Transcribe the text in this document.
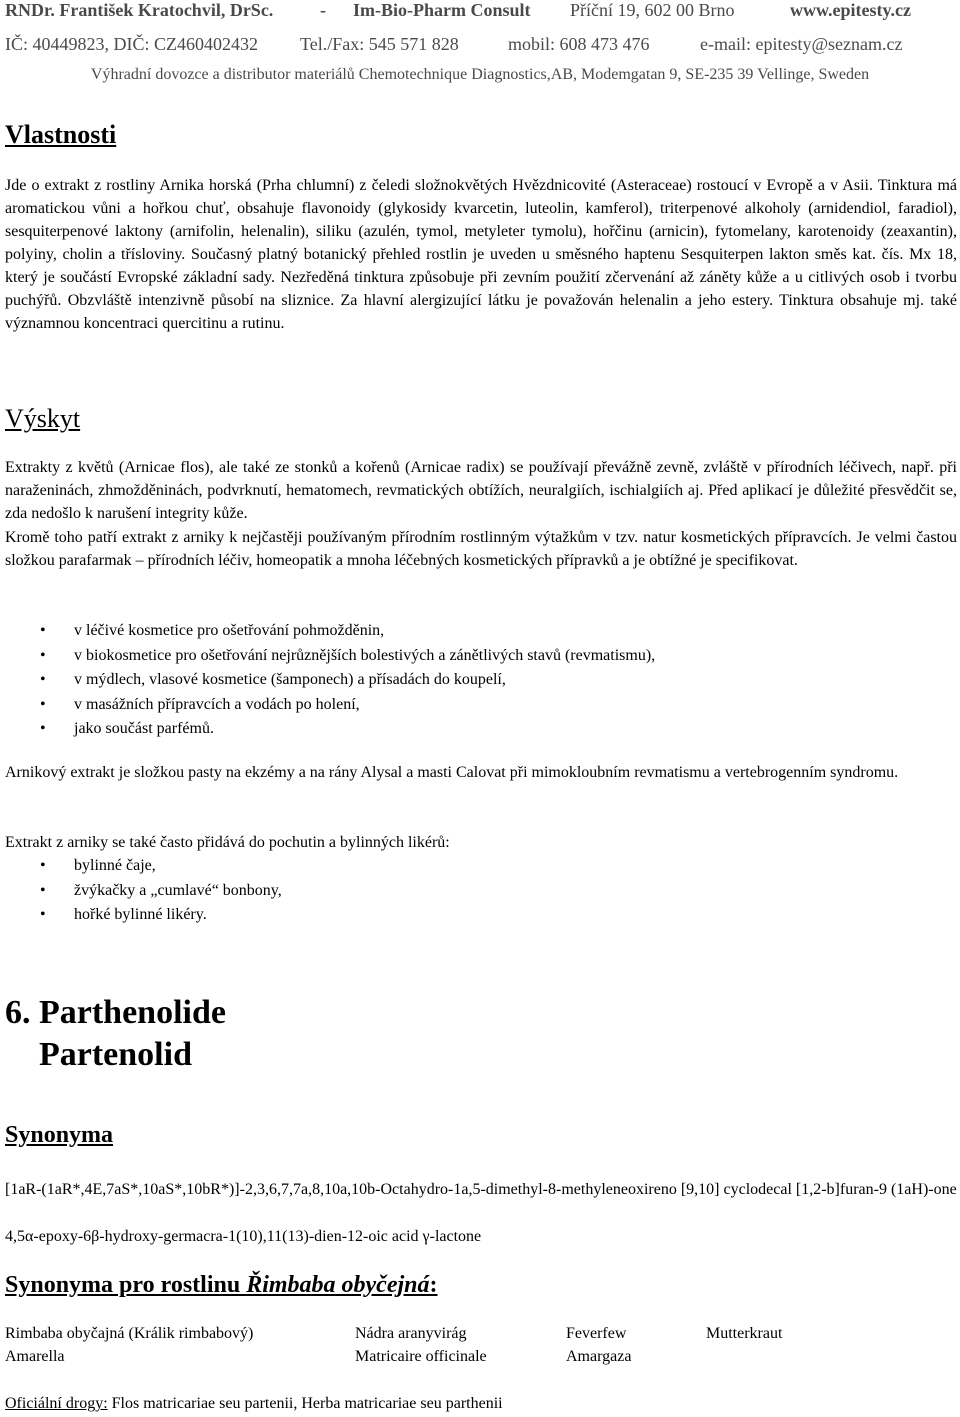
RNDr. František Kratochvil, DrSc.	- Im-Bio-Pharm Consult Příční 19, 602 00 Brno	www.epitesty.cz
IČ: 40449823, DIČ: CZ460402432 Tel./Fax: 545 571 828	mobil: 608 473 476	e-mail: epitesty@seznam.cz
Výhradní dovozce a distributor materiálů Chemotechnique Diagnostics,AB, Modemgatan 9, SE-235 39 Vellinge, Sweden
Vlastnosti

Jde o extrakt z rostliny Arnika horská (Prha chlumní) z čeledi složnokvětých Hvězdnicovité (Asteraceae) rostoucí v Evropě a v Asii. Tinktura má aromatickou vůni a hořkou chuť, obsahuje flavonoidy (glykosidy kvarcetin, luteolin, kamferol), triterpenové alkoholy (arnidendiol, faradiol), sesquiterpenové laktony (arnifolin, helenalin), siliku (azulén, tymol, metyleter tymolu), hořčinu (arnicin), fytomelany, karotenoidy (zeaxantin), polyiny, cholin a třísloviny. Současný platný botanický přehled rostlin je uveden u směsného haptenu Sesquiterpen lakton směs kat. čís. Mx 18, který je součástí Evropské základní sady. Nezředěná tinktura způsobuje při zevním použití zčervenání až záněty kůže a u citlivých osob i tvorbu puchýřů. Obzvláště intenzivně působí na sliznice. Za hlavní alergizující látku je považován helenalin a jeho estery. Tinktura obsahuje mj. také významnou koncentraci quercitinu a rutinu.

Výskyt

Extrakty z květů (Arnicae flos), ale také ze stonků a kořenů (Arnicae radix) se používají převážně zevně, zvláště v přírodních léčivech, např. při naraženinách, zhmožděninách, podvrknutí, hematomech, revmatických obtížích, neuralgiích, ischialgiích aj. Před aplikací je důležité přesvědčit se, zda nedošlo k narušení integrity kůže.

Kromě toho patří extrakt z arniky k nejčastěji používaným přírodním rostlinným výtažkům v tzv. natur kosmetických přípravcích. Je velmi častou složkou parafarmak – přírodních léčiv, homeopatik a mnoha léčebných kosmetických přípravků a je obtížné je specifikovat.

• v léčivé kosmetice pro ošetřování pohmožděnin,
• v biokosmetice pro ošetřování nejrůznějších bolestivých a zánětlivých stavů (revmatismu),
• v mýdlech, vlasové kosmetice (šamponech) a přísadách do koupelí,
• v masážních přípravcích a vodách po holení,
• jako součást parfémů.

Arnikový extrakt je složkou pasty na ekzémy a na rány Alysal a masti Calovat při mimokloubním revmatismu a vertebrogenním syndromu.

Extrakt z arniky se také často přidává do pochutin a bylinných likérů:

• bylinné čaje,
• žvýkačky a „cumlavé“ bonbony,
• hořké bylinné likéry.
6. Parthenolide
Partenolid
Synonyma

[1aR-(1aR*,4E,7aS*,10aS*,10bR*)]-2,3,6,7,7a,8,10a,10b-Octahydro-1a,5-dimethyl-8-methyleneoxireno [9,10] cyclodecal [1,2-b]furan-9 (1aH)-one

4,5α-epoxy-6β-hydroxy-germacra-1(10),11(13)-dien-12-oic acid γ-lactone

Synonyma pro rostlinu Řimbaba obyčejná:
Rimbaba obyčajná (Králik rimbabový)	Nádra aranyvirág	Feverfew	Mutterkraut
Amarella	Matricaire officinale	Amargaza	
Oficiální drogy: Flos matricariae seu partenii, Herba matricariae seu parthenii
